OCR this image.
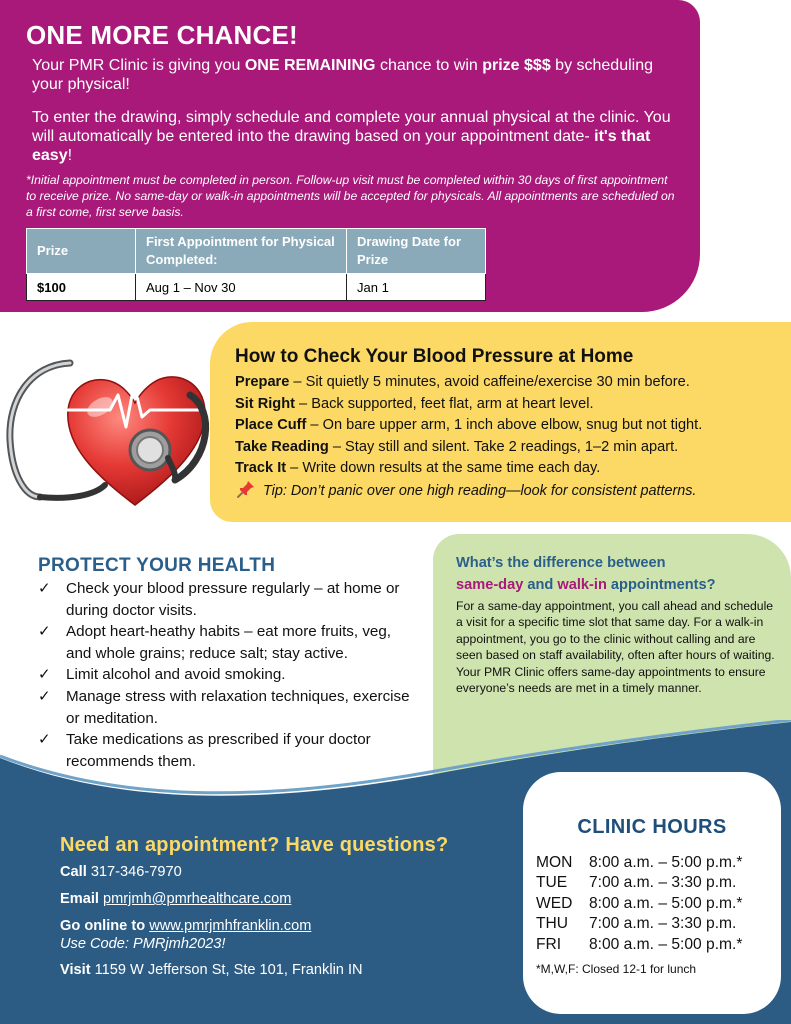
ONE MORE CHANCE!
Your PMR Clinic is giving you ONE REMAINING chance to win prize $$$ by scheduling your physical!
To enter the drawing, simply schedule and complete your annual physical at the clinic. You will automatically be entered into the drawing based on your appointment date- it's that easy!
*Initial appointment must be completed in person. Follow-up visit must be completed within 30 days of first appointment to receive prize. No same-day or walk-in appointments will be accepted for physicals. All appointments are scheduled on a first come, first serve basis.
Prize	First Appointment for Physical Completed:	Drawing Date for Prize
$100	Aug 1 – Nov 30	Jan 1
How to Check Your Blood Pressure at Home
Prepare – Sit quietly 5 minutes, avoid caffeine/exercise 30 min before.
Sit Right – Back supported, feet flat, arm at heart level.
Place Cuff – On bare upper arm, 1 inch above elbow, snug but not tight.
Take Reading – Stay still and silent. Take 2 readings, 1–2 min apart.
Track It – Write down results at the same time each day.
Tip: Don’t panic over one high reading—look for consistent patterns.
What’s the difference between
same-day and walk-in appointments?
For a same-day appointment, you call ahead and schedule a visit for a specific time slot that same day. For a walk-in appointment, you go to the clinic without calling and are seen based on staff availability, often after hours of waiting. Your PMR Clinic offers same-day appointments to ensure everyone’s needs are met in a timely manner.
PROTECT YOUR HEALTH
✓ Check your blood pressure regularly – at home or during doctor visits.
✓ Adopt heart-heathy habits – eat more fruits, veg, and whole grains; reduce salt; stay active.
✓ Limit alcohol and avoid smoking.
✓ Manage stress with relaxation techniques, exercise or meditation.
✓ Take medications as prescribed if your doctor recommends them.
Need an appointment? Have questions?
Call 317-346-7970
Email pmrjmh@pmrhealthcare.com
Go online to www.pmrjmhfranklin.com
Use Code: PMRjmh2023!
Visit 1159 W Jefferson St, Ste 101, Franklin IN
CLINIC HOURS
MON	8:00 a.m. – 5:00 p.m.*
TUE	7:00 a.m. – 3:30 p.m.
WED	8:00 a.m. – 5:00 p.m.*
THU	7:00 a.m. – 3:30 p.m.
FRI	8:00 a.m. – 5:00 p.m.*
*M,W,F: Closed 12-1 for lunch
